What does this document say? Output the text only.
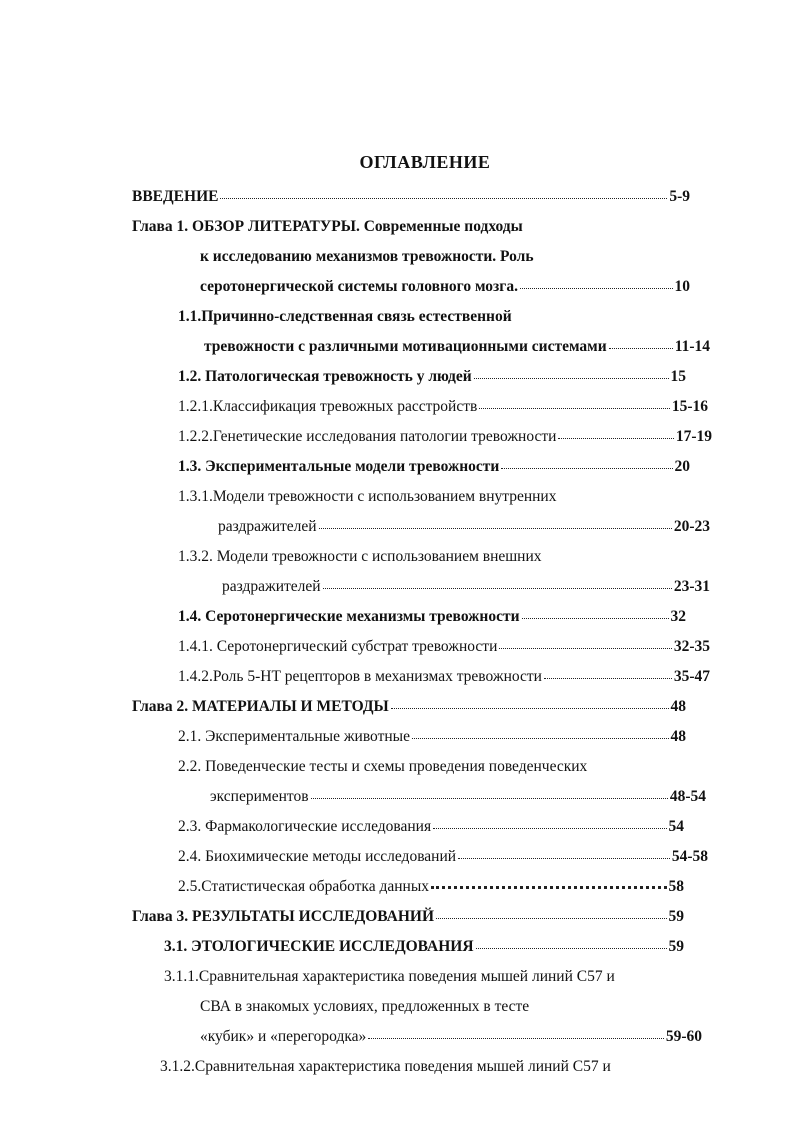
ОГЛАВЛЕНИЕ
ВВЕДЕНИЕ	5-9
Глава 1. ОБЗОР ЛИТЕРАТУРЫ. Современные подходы
к исследованию механизмов тревожности. Роль
серотонергической системы головного мозга.	10
1.1.Причинно-следственная связь естественной
тревожности с различными мотивационными системами	11-14
1.2. Патологическая тревожность у людей	15
1.2.1.Классификация тревожных расстройств	15-16
1.2.2.Генетические исследования патологии тревожности	17-19
1.3. Экспериментальные модели тревожности	20
1.3.1.Модели тревожности с использованием внутренних
раздражителей	20-23
1.3.2. Модели тревожности с использованием внешних
раздражителей	23-31
1.4. Серотонергические механизмы тревожности	32
1.4.1. Серотонергический субстрат тревожности	32-35
1.4.2.Роль 5-НТ рецепторов в механизмах тревожности	35-47
Глава 2. МАТЕРИАЛЫ И МЕТОДЫ	48
2.1. Экспериментальные животные	48
2.2. Поведенческие тесты и схемы проведения поведенческих
экспериментов	48-54
2.3. Фармакологические исследования	54
2.4. Биохимические методы исследований	54-58
2.5.Статистическая обработка данных	58
Глава 3. РЕЗУЛЬТАТЫ ИССЛЕДОВАНИЙ	59
3.1. ЭТОЛОГИЧЕСКИЕ ИССЛЕДОВАНИЯ	59
3.1.1.Сравнительная характеристика поведения мышей линий С57 и
СВА в знакомых условиях, предложенных в тесте
«кубик» и «перегородка»	59-60
3.1.2.Сравнительная характеристика поведения мышей линий С57 и
